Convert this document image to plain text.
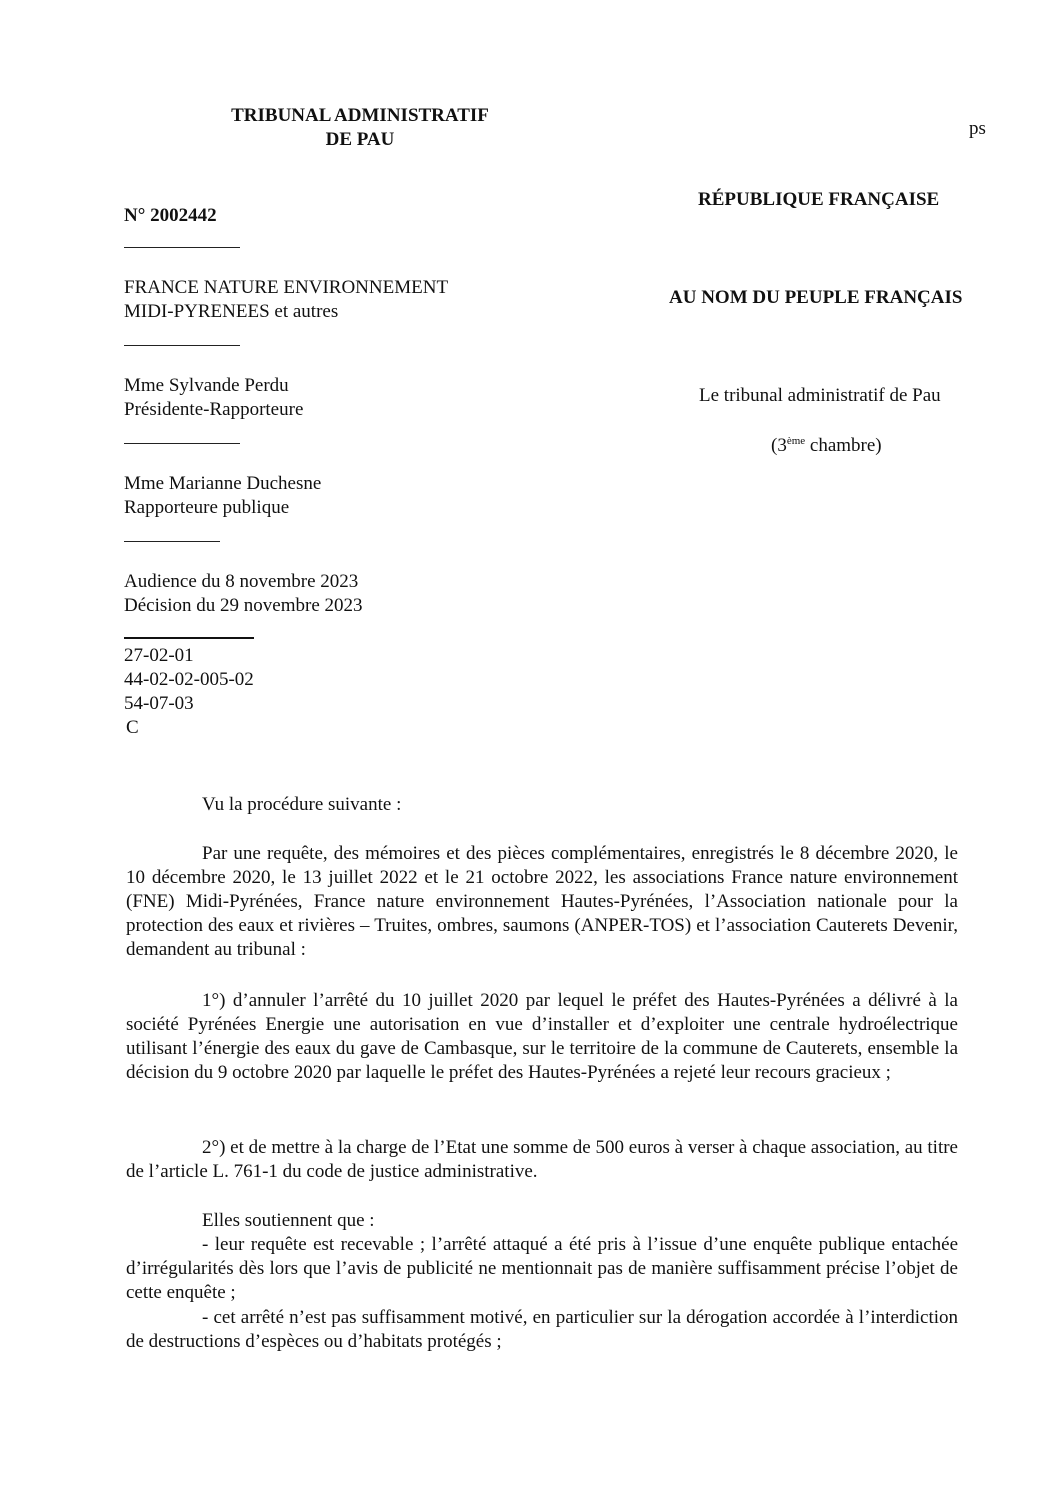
TRIBUNAL ADMINISTRATIF
DE PAU
ps
RÉPUBLIQUE FRANÇAISE
AU NOM DU PEUPLE FRANÇAIS
Le tribunal administratif de Pau
(3ème chambre)
N° 2002442
FRANCE NATURE ENVIRONNEMENT
MIDI-PYRENEES et autres
Mme Sylvande Perdu
Présidente-Rapporteure
Mme Marianne Duchesne
Rapporteure publique
Audience du 8 novembre 2023
Décision du 29 novembre 2023
27-02-01
44-02-02-005-02
54-07-03
C
Vu la procédure suivante :
Par une requête, des mémoires et des pièces complémentaires, enregistrés le 8 décembre 2020, le 10 décembre 2020, le 13 juillet 2022 et le 21 octobre 2022, les associations France nature environnement (FNE) Midi-Pyrénées, France nature environnement Hautes-Pyrénées, l’Association nationale pour la protection des eaux et rivières – Truites, ombres, saumons (ANPER-TOS) et l’association Cauterets Devenir, demandent au tribunal :
1°) d’annuler l’arrêté du 10 juillet 2020 par lequel le préfet des Hautes-Pyrénées a délivré à la société Pyrénées Energie une autorisation en vue d’installer et d’exploiter une centrale hydroélectrique utilisant l’énergie des eaux du gave de Cambasque, sur le territoire de la commune de Cauterets, ensemble la décision du 9 octobre 2020 par laquelle le préfet des Hautes-Pyrénées a rejeté leur recours gracieux ;
2°) et de mettre à la charge de l’Etat une somme de 500 euros à verser à chaque association, au titre de l’article L. 761-1 du code de justice administrative.
Elles soutiennent que :
- leur requête est recevable ; l’arrêté attaqué a été pris à l’issue d’une enquête publique entachée d’irrégularités dès lors que l’avis de publicité ne mentionnait pas de manière suffisamment précise l’objet de cette enquête ;
- cet arrêté n’est pas suffisamment motivé, en particulier sur la dérogation accordée à l’interdiction de destructions d’espèces ou d’habitats protégés ;
